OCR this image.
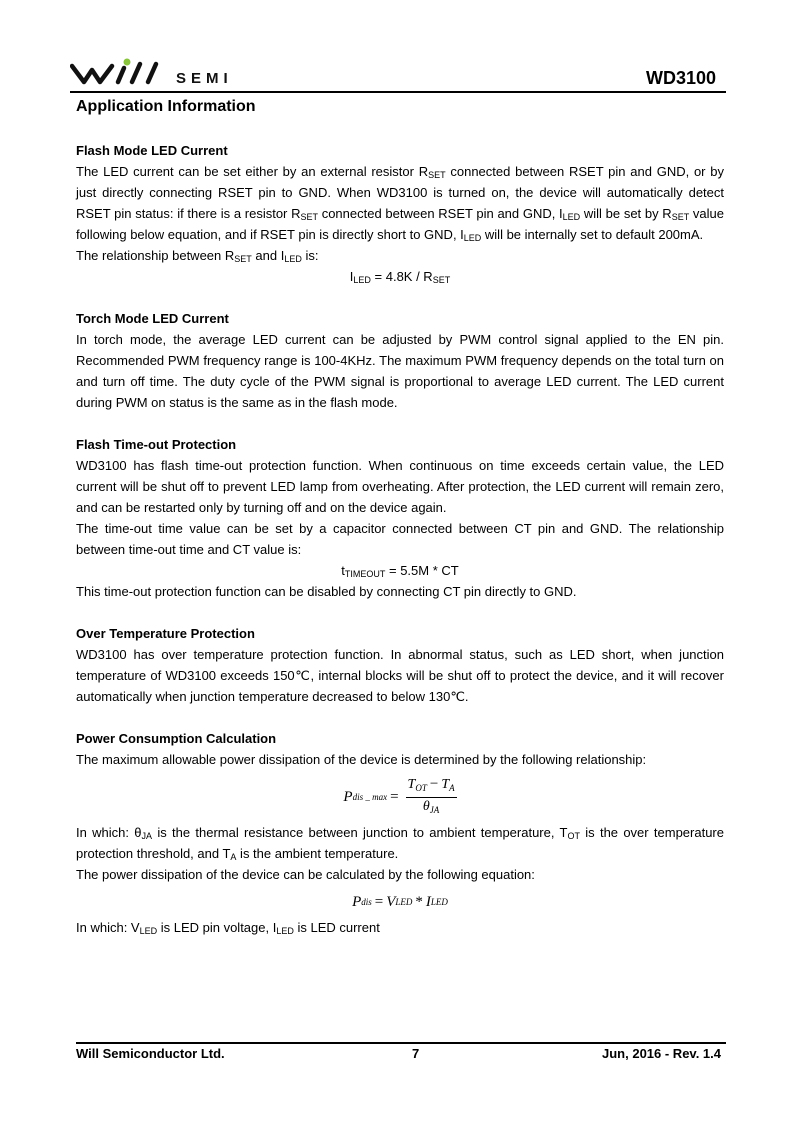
SEMI	WD3100
Application Information
Flash Mode LED Current

The LED current can be set either by an external resistor $R_{SET}$ connected between RSET pin and GND, or by just directly connecting RSET pin to GND. When WD3100 is turned on, the device will automatically detect RSET pin status: if there is a resistor $R_{SET}$ connected between RSET pin and GND, $I_{LED}$ will be set by $R_{SET}$ value following below equation, and if RSET pin is directly short to GND, $I_{LED}$ will be internally set to default 200mA.

The relationship between $R_{SET}$ and $I_{LED}$ is:

$I_{LED} = 4.8K / R_{SET}$

Torch Mode LED Current

In torch mode, the average LED current can be adjusted by PWM control signal applied to the EN pin. Recommended PWM frequency range is 100-4KHz. The maximum PWM frequency depends on the total turn on and turn off time. The duty cycle of the PWM signal is proportional to average LED current. The LED current during PWM on status is the same as in the flash mode.

Flash Time-out Protection

WD3100 has flash time-out protection function. When continuous on time exceeds certain value, the LED current will be shut off to prevent LED lamp from overheating. After protection, the LED current will remain zero, and can be restarted only by turning off and on the device again.

The time-out time value can be set by a capacitor connected between CT pin and GND. The relationship between time-out time and CT value is:

$t_{TIMEOUT} = 5.5M$ * CT

This time-out protection function can be disabled by connecting CT pin directly to GND.

Over Temperature Protection

WD3100 has over temperature protection function. In abnormal status, such as LED short, when junction temperature of WD3100 exceeds 150℃, internal blocks will be shut off to protect the device, and it will recover automatically when junction temperature decreased to below 130℃.

Power Consumption Calculation

The maximum allowable power dissipation of the device is determined by the following relationship:

P dis _ $\max = \frac{T_{OT} - T_A}{\theta_{JA}}$

In which: $\theta_{JA}$ is the thermal resistance between junction to ambient temperature, $T_{OT}$ is the over temperature protection threshold, and $T_A$ is the ambient temperature.

The power dissipation of the device can be calculated by the following equation:

P dis = V LED * I LED

In which: $V_{LED}$ is LED pin voltage, $I_{LED}$ is LED current

Will Semiconductor Ltd.	7	Jun, 2016 - Rev. 1.4
